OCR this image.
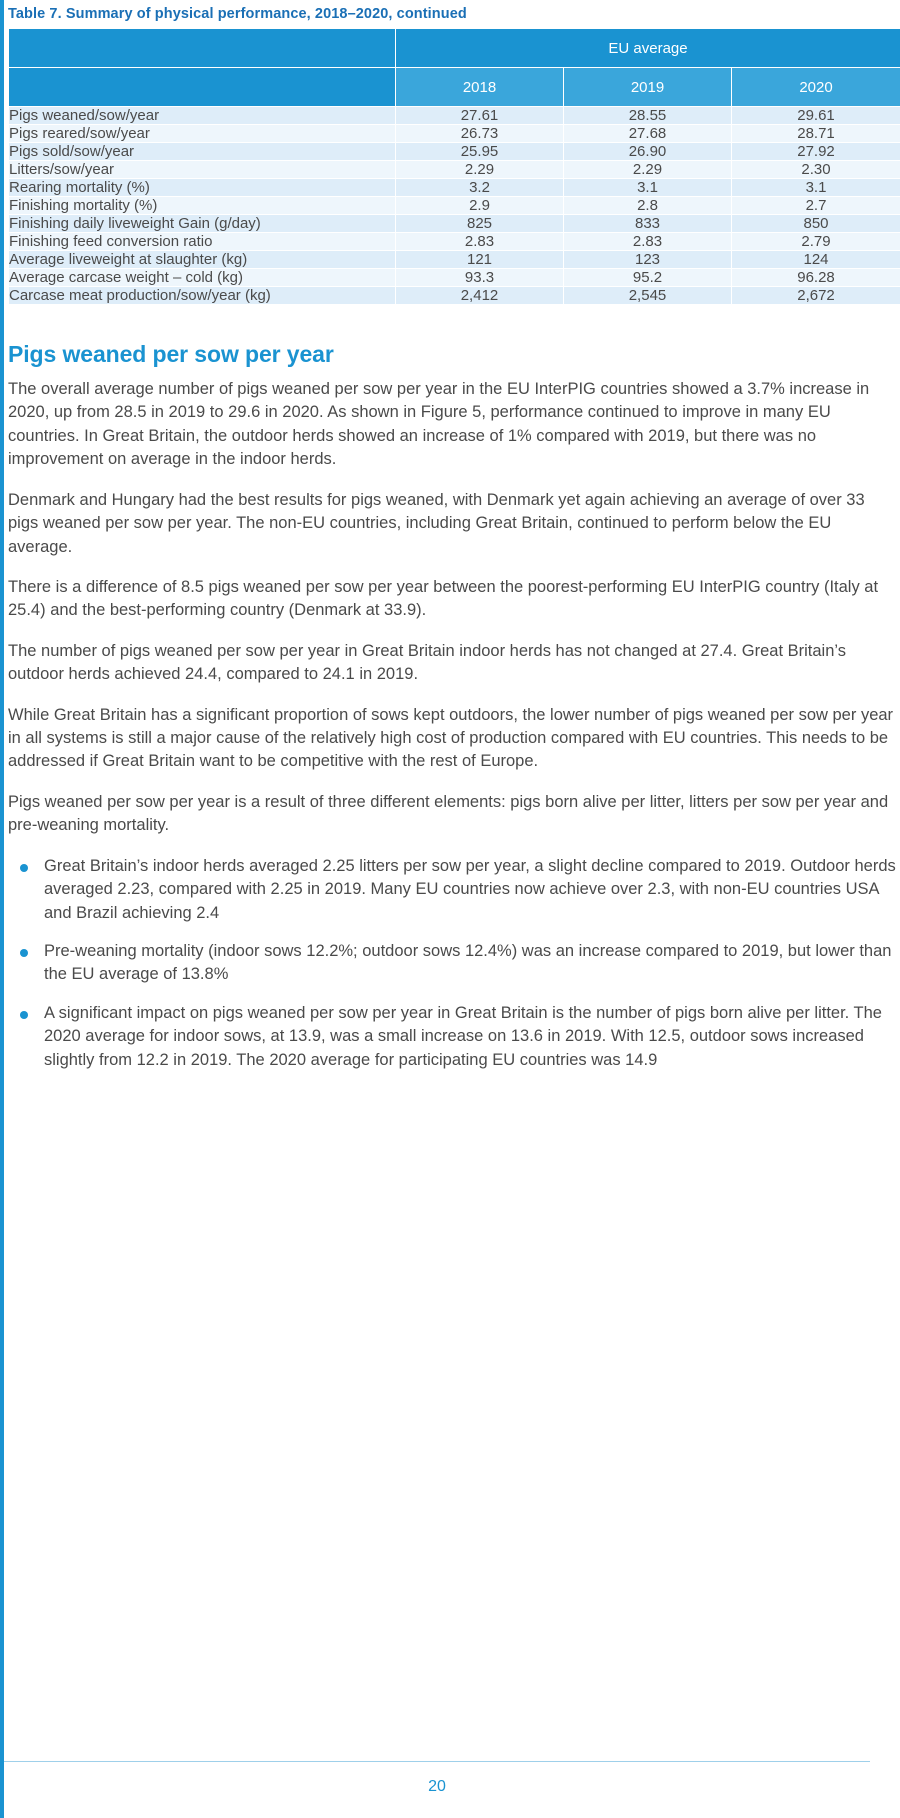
Table 7. Summary of physical performance, 2018–2020, continued
	EU average		
	2018	2019	2020
Pigs weaned/sow/year	27.61	28.55	29.61
Pigs reared/sow/year	26.73	27.68	28.71
Pigs sold/sow/year	25.95	26.90	27.92
Litters/sow/year	2.29	2.29	2.30
Rearing mortality (%)	3.2	3.1	3.1
Finishing mortality (%)	2.9	2.8	2.7
Finishing daily liveweight Gain (g/day)	825	833	850
Finishing feed conversion ratio	2.83	2.83	2.79
Average liveweight at slaughter (kg)	121	123	124
Average carcase weight – cold (kg)	93.3	95.2	96.28
Carcase meat production/sow/year (kg)	2,412	2,545	2,672
Pigs weaned per sow per year

The overall average number of pigs weaned per sow per year in the EU InterPIG countries showed a 3.7% increase in 2020, up from 28.5 in 2019 to 29.6 in 2020. As shown in Figure 5, performance continued to improve in many EU countries. In Great Britain, the outdoor herds showed an increase of 1% compared with 2019, but there was no improvement on average in the indoor herds.

Denmark and Hungary had the best results for pigs weaned, with Denmark yet again achieving an average of over 33 pigs weaned per sow per year. The non-EU countries, including Great Britain, continued to perform below the EU average.

There is a difference of 8.5 pigs weaned per sow per year between the poorest-performing EU InterPIG country (Italy at 25.4) and the best-performing country (Denmark at 33.9).

The number of pigs weaned per sow per year in Great Britain indoor herds has not changed at 27.4. Great Britain’s outdoor herds achieved 24.4, compared to 24.1 in 2019.

While Great Britain has a significant proportion of sows kept outdoors, the lower number of pigs weaned per sow per year in all systems is still a major cause of the relatively high cost of production compared with EU countries. This needs to be addressed if Great Britain want to be competitive with the rest of Europe.

Pigs weaned per sow per year is a result of three different elements: pigs born alive per litter, litters per sow per year and pre-weaning mortality.

Great Britain’s indoor herds averaged 2.25 litters per sow per year, a slight decline compared to 2019. Outdoor herds averaged 2.23, compared with 2.25 in 2019. Many EU countries now achieve over 2.3, with non-EU countries USA and Brazil achieving 2.4
Pre-weaning mortality (indoor sows 12.2%; outdoor sows 12.4%) was an increase compared to 2019, but lower than the EU average of 13.8%
A significant impact on pigs weaned per sow per year in Great Britain is the number of pigs born alive per litter. The 2020 average for indoor sows, at 13.9, was a small increase on 13.6 in 2019. With 12.5, outdoor sows increased slightly from 12.2 in 2019. The 2020 average for participating EU countries was 14.9
20
